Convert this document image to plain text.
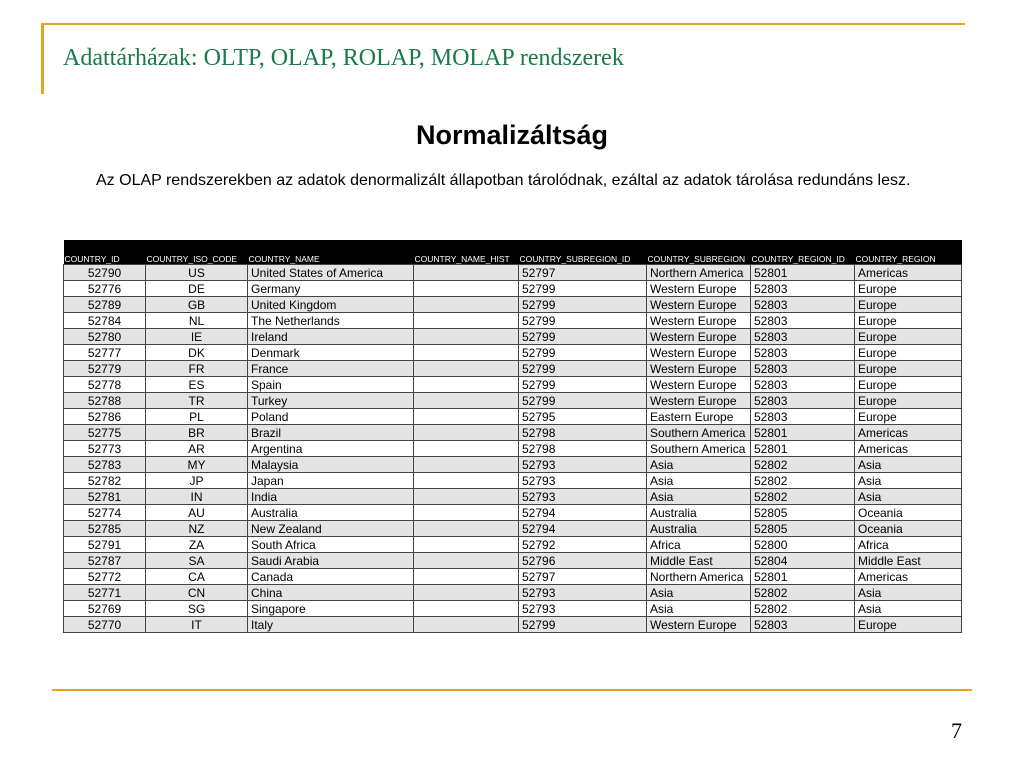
Adattárházak: OLTP, OLAP, ROLAP, MOLAP rendszerek
Normalizáltság
Az OLAP rendszerekben az adatok denormalizált állapotban tárolódnak, ezáltal az adatok tárolása redundáns lesz.
COUNTRY_ID	COUNTRY_ISO_CODE	COUNTRY_NAME	COUNTRY_NAME_HIST	COUNTRY_SUBREGION_ID	COUNTRY_SUBREGION	COUNTRY_REGION_ID	COUNTRY_REGION
52790	US	United States of America		52797	Northern America	52801	Americas
52776	DE	Germany		52799	Western Europe	52803	Europe
52789	GB	United Kingdom		52799	Western Europe	52803	Europe
52784	NL	The Netherlands		52799	Western Europe	52803	Europe
52780	IE	Ireland		52799	Western Europe	52803	Europe
52777	DK	Denmark		52799	Western Europe	52803	Europe
52779	FR	France		52799	Western Europe	52803	Europe
52778	ES	Spain		52799	Western Europe	52803	Europe
52788	TR	Turkey		52799	Western Europe	52803	Europe
52786	PL	Poland		52795	Eastern Europe	52803	Europe
52775	BR	Brazil		52798	Southern America	52801	Americas
52773	AR	Argentina		52798	Southern America	52801	Americas
52783	MY	Malaysia		52793	Asia	52802	Asia
52782	JP	Japan		52793	Asia	52802	Asia
52781	IN	India		52793	Asia	52802	Asia
52774	AU	Australia		52794	Australia	52805	Oceania
52785	NZ	New Zealand		52794	Australia	52805	Oceania
52791	ZA	South Africa		52792	Africa	52800	Africa
52787	SA	Saudi Arabia		52796	Middle East	52804	Middle East
52772	CA	Canada		52797	Northern America	52801	Americas
52771	CN	China		52793	Asia	52802	Asia
52769	SG	Singapore		52793	Asia	52802	Asia
52770	IT	Italy		52799	Western Europe	52803	Europe
7
